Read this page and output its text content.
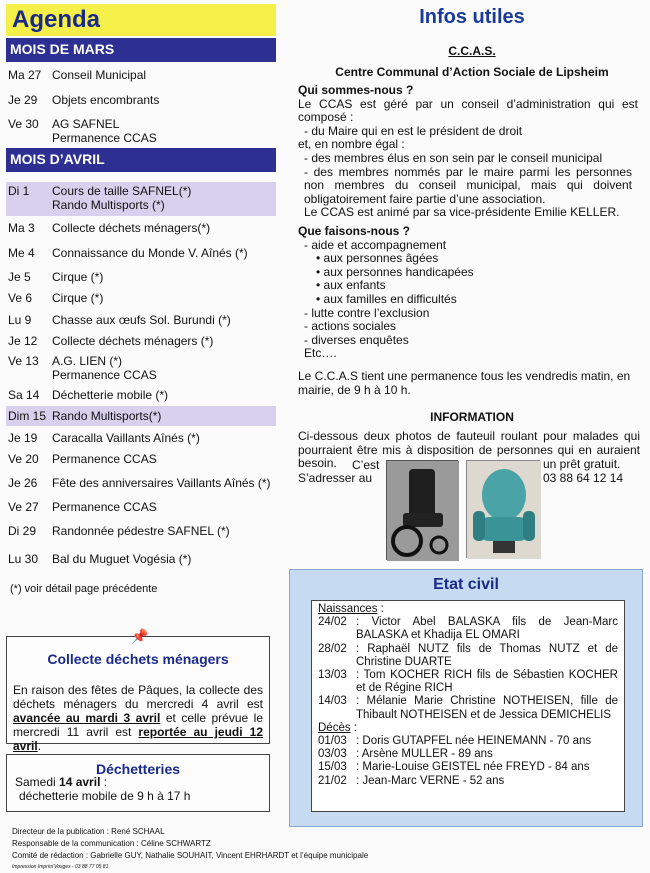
Agenda
MOIS DE MARS
Ma 27 Conseil Municipal
Je 29	Objets encombrants
Ve 30	AG SAFNEL
Permanence CCAS
MOIS D’AVRIL
Di 1	Cours de taille SAFNEL(*)
Rando Multisports (*)
Ma 3	Collecte déchets ménagers(*)
Me 4	Connaissance du Monde V. Aînés (*)
Je 5	Cirque (*)
Ve 6	Cirque (*)
Lu 9	Chasse aux œufs Sol. Burundi (*)
Je 12	Collecte déchets ménagers (*)
Ve 13	A.G. LIEN (*)
Permanence CCAS
Sa 14	Déchetterie mobile (*)
Dim 15 Rando Multisports(*)
Je 19	Caracalla Vaillants Aînés (*)
Ve 20	Permanence CCAS
Je 26	Fête des anniversaires Vaillants Aînés (*)
Ve 27	Permanence CCAS
Di 29	Randonnée pédestre SAFNEL (*)
Lu 30	Bal du Muguet Vogésia (*)
(*) voir détail page précédente
Collecte déchets ménagers
En raison des fêtes de Pâques, la collecte des déchets ménagers du mercredi 4 avril est avancée au mardi 3 avril et celle prévue le mercredi 11 avril est reportée au jeudi 12 avril.
📌
Déchetteries
Samedi 14 avril :
déchetterie mobile de 9 h à 17 h
Directeur de la publication : René SCHAAL
Responsable de la communication : Céline SCHWARTZ
Comité de rédaction : Gabrielle GUY, Nathalie SOUHAIT, Vincent EHRHARDT et l’équipe municipale
Impression Imprim'Vosges - 03 88 77 05 81
Infos utiles
C.C.A.S.
Centre Communal d’Action Sociale de Lipsheim
Qui sommes-nous ?
Le CCAS est géré par un conseil d’administration qui est composé :
- du Maire qui en est le président de droit
et, en nombre égal :
- des membres élus en son sein par le conseil municipal
- des membres nommés par le maire parmi les personnes non membres du conseil municipal, mais qui doivent obligatoirement faire partie d’une association.
Le CCAS est animé par sa vice-présidente Emilie KELLER.
Que faisons-nous ?
- aide et accompagnement
• aux personnes âgées
• aux personnes handicapées
• aux enfants
• aux familles en difficultés
- lutte contre l’exclusion
- actions sociales
- diverses enquêtes
Etc….
Le C.C.A.S tient une permanence tous les vendredis matin, en mairie, de 9 h à 10 h.
INFORMATION
Ci-dessous deux photos de fauteuil roulant pour malades qui pourraient être mis à disposition de personnes qui en auraient besoin.	C’est
S’adresser au
un prêt gratuit.
03 88 64 12 14
Etat civil
Naissances :
24/02 : Victor Abel BALASKA fils de Jean-Marc BALASKA et Khadija EL OMARI
28/02 : Raphaël NUTZ fils de Thomas NUTZ et de Christine DUARTE
13/03 : Tom KOCHER RICH fils de Sébastien KOCHER et de Régine RICH
14/03 : Mélanie Marie Christine NOTHEISEN, fille de Thibault NOTHEISEN et de Jessica DEMICHELIS
Décès :
01/03 : Doris GUTAPFEL née HEINEMANN - 70 ans
03/03 : Arsène MULLER - 89 ans
15/03 : Marie-Louise GEISTEL née FREYD - 84 ans
21/02 : Jean-Marc VERNE - 52 ans
